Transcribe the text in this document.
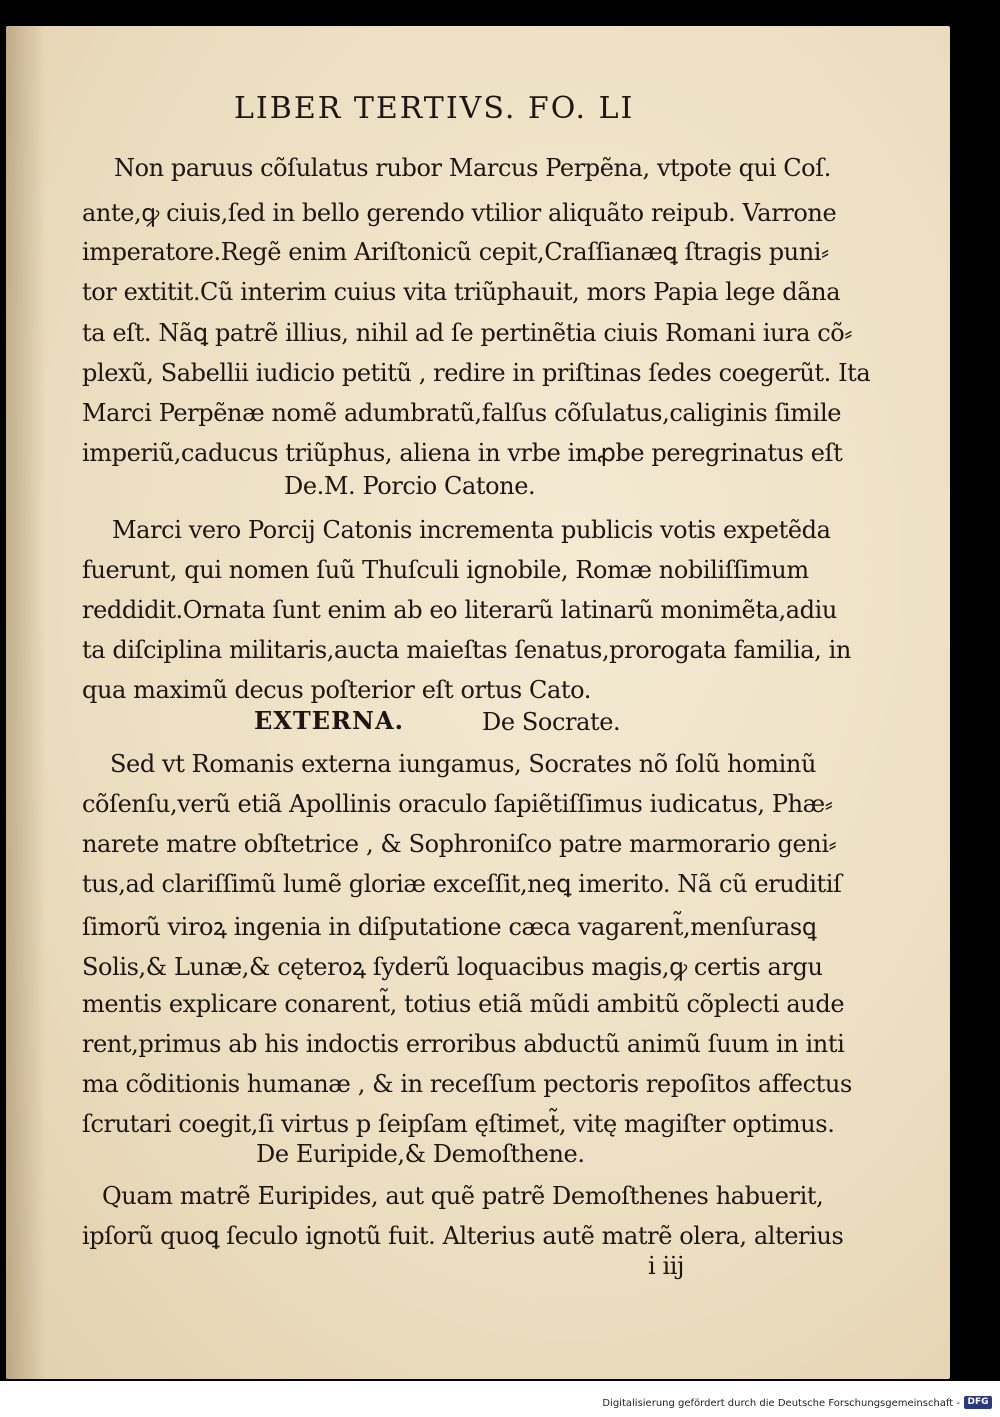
LIBER TERTIVS. FO. LI
Non paruus cõſulatus rubor Marcus Perpẽna, vtpote qui Coſ.
ante,ꝙ ciuis,ſed in bello gerendo vtilior aliquãto reipub. Varrone
imperatore.Regẽ enim Ariſtonicũ cepit,Craſſianæꝗ ſtragis puni⸗
tor extitit.Cũ interim cuius vita triũphauit, mors Papia lege dãna
ta eſt. Nãꝗ patrẽ illius, nihil ad ſe pertinẽtia ciuis Romani iura cõ⸗
plexũ, Sabellii iudicio petitũ , redire in priſtinas ſedes coegerũt. Ita
Marci Perpẽnæ nomẽ adumbratũ,falſus cõſulatus,caliginis ſimile
imperiũ,caducus triũphus, aliena in vrbe imꝓbe peregrinatus eſt
De.M. Porcio Catone.
Marci vero Porcij Catonis incrementa publicis votis expetẽda
fuerunt, qui nomen ſuũ Thuſculi ignobile, Romæ nobiliſſimum
reddidit.Ornata ſunt enim ab eo literarũ latinarũ monimẽta,adiu
ta diſciplina militaris,aucta maieſtas ſenatus,prorogata familia, in
qua maximũ decus poſterior eſt ortus Cato.
EXTERNA.	De Socrate.
Sed vt Romanis externa iungamus, Socrates nõ ſolũ hominũ
cõſenſu,verũ etiã Apollinis oraculo ſapiẽtiſſimus iudicatus, Phæ⸗
narete matre obſtetrice , & Sophroniſco patre marmorario geni⸗
tus,ad clariſſimũ lumẽ gloriæ exceſſit,neꝗ imerito. Nã cũ eruditiſ
ſimorũ viroꝝ ingenia in diſputatione cæca vagarent̃,menſurasꝗ
Solis,& Lunæ,& cęteroꝝ ſyderũ loquacibus magis,ꝙ certis argu
mentis explicare conarent̃, totius etiã mũdi ambitũ cõplecti aude
rent,primus ab his indoctis erroribus abductũ animũ ſuum in inti
ma cõditionis humanæ , & in receſſum pectoris repoſitos affectus
ſcrutari coegit,ſi virtus p ſeipſam ęſtimet̃, vitę magiſter optimus.
De Euripide,& Demoſthene.
Quam matrẽ Euripides, aut quẽ patrẽ Demoſthenes habuerit,
ipſorũ quoꝗ ſeculo ignotũ fuit. Alterius autẽ matrẽ olera, alterius
i iij
Digitalisierung gefördert durch die Deutsche Forschungsgemeinschaft - DFG
